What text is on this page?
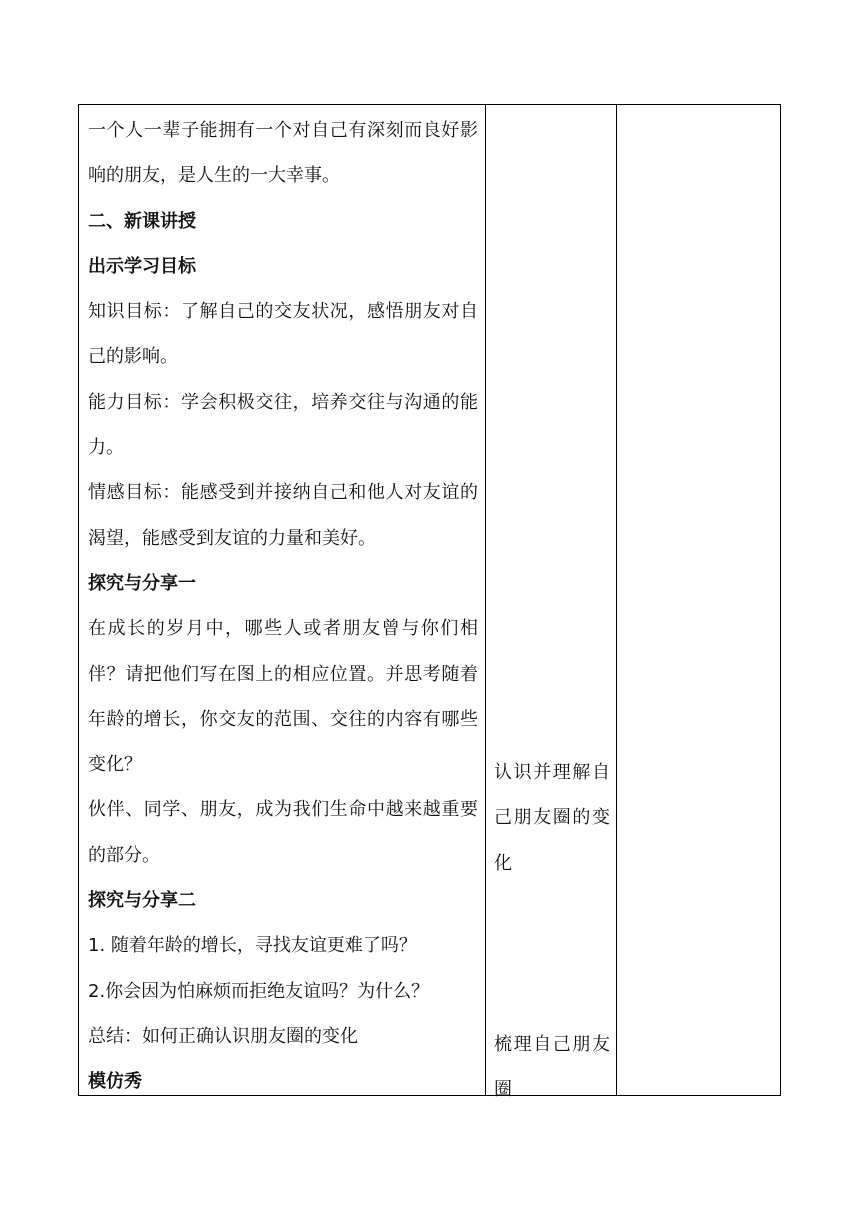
一个人一辈子能拥有一个对自己有深刻而良好影响的朋友，是人生的一大幸事。

二、新课讲授

出示学习目标

知识目标：了解自己的交友状况，感悟朋友对自己的影响。

能力目标：学会积极交往，培养交往与沟通的能力。

情感目标：能感受到并接纳自己和他人对友谊的渴望，能感受到友谊的力量和美好。

探究与分享一

在成长的岁月中，哪些人或者朋友曾与你们相伴？请把他们写在图上的相应位置。并思考随着年龄的增长，你交友的范围、交往的内容有哪些变化？

伙伴、同学、朋友，成为我们生命中越来越重要的部分。

探究与分享二

1. 随着年龄的增长，寻找友谊更难了吗？

2.你会因为怕麻烦而拒绝友谊吗？为什么？

总结：如何正确认识朋友圈的变化

模仿秀

认识并理解自己朋友圈的变化
梳理自己朋友圈
